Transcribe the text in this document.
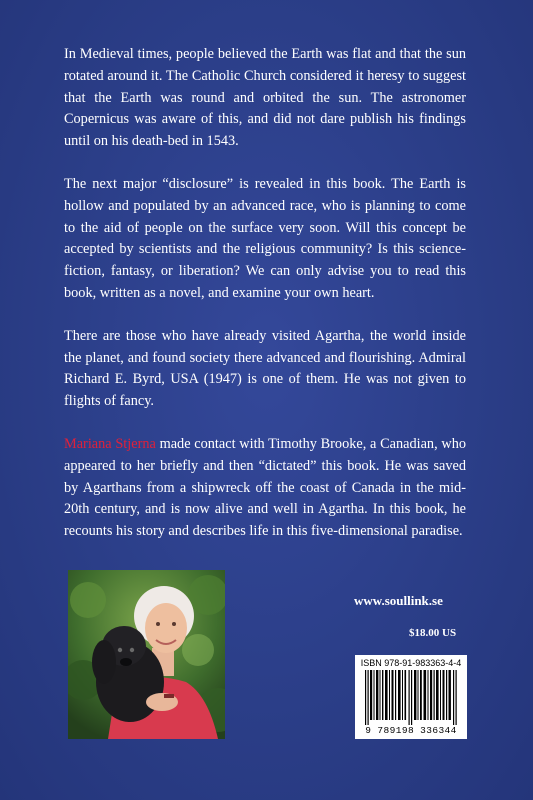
In Medieval times, people believed the Earth was flat and that the sun rotated around it. The Catholic Church considered it heresy to suggest that the Earth was round and orbited the sun. The astronomer Copernicus was aware of this, and did not dare publish his findings until on his death-bed in 1543.

The next major “disclosure” is revealed in this book. The Earth is hollow and populated by an advanced race, who is planning to come to the aid of people on the surface very soon. Will this concept be accepted by scientists and the religious community? Is this science-fiction, fantasy, or liberation? We can only advise you to read this book, written as a novel, and examine your own heart.

There are those who have already visited Agartha, the world inside the planet, and found society there advanced and flourishing. Admiral Richard E. Byrd, USA (1947) is one of them. He was not given to flights of fancy.

Mariana Stjerna made contact with Timothy Brooke, a Canadian, who appeared to her briefly and then “dictated” this book. He was saved by Agarthans from a shipwreck off the coast of Canada in the mid-20th century, and is now alive and well in Agartha. In this book, he recounts his story and describes life in this five-dimensional paradise.

www.soullink.se
$18.00 US
ISBN 978-91-983363-4-4
9 789198 336344
